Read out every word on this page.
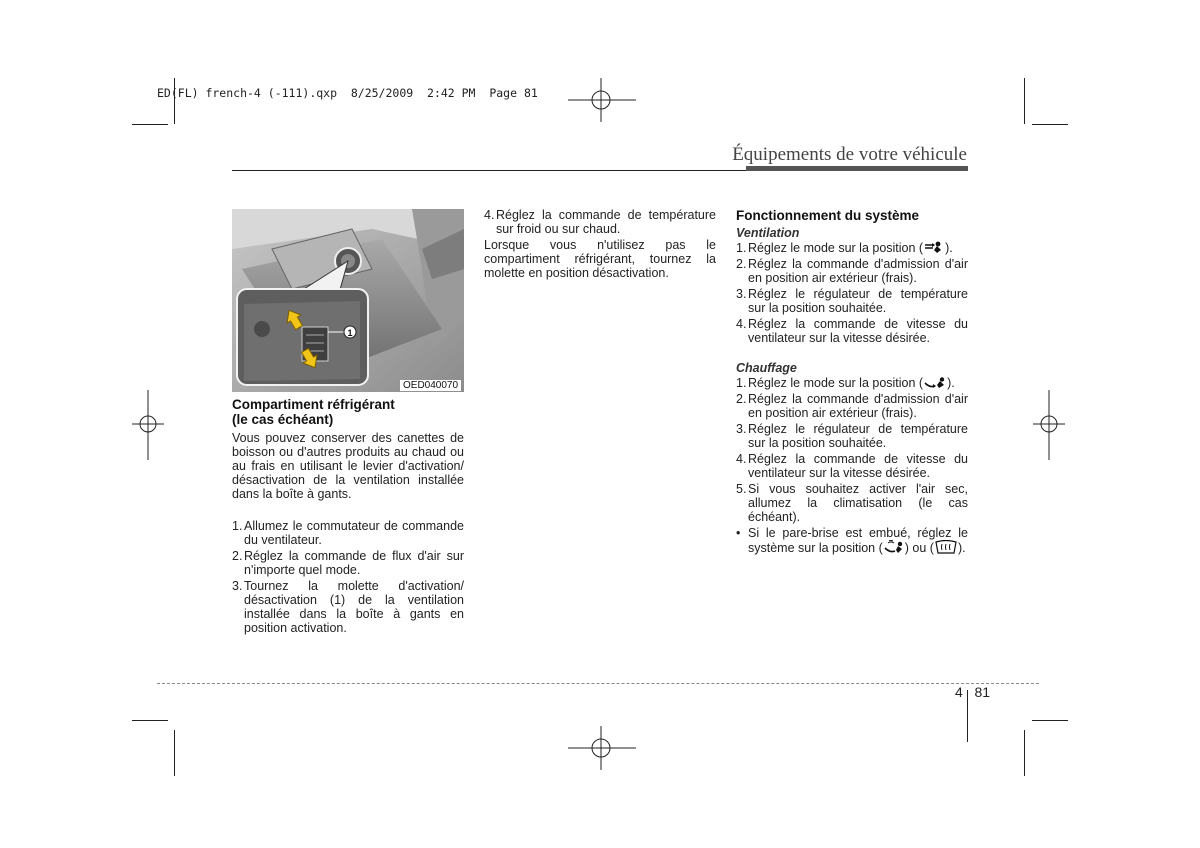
ED(FL) french-4 (-111).qxp  8/25/2009  2:42 PM  Page 81
Équipements de votre véhicule
1
OED040070

Compartiment réfrigérant

(le cas échéant)

Vous pouvez conserver des canettes de boisson ou d'autres produits au chaud ou au frais en utilisant le levier d'activation/ désactivation de la ventilation installée dans la boîte à gants.

1. Allumez le commutateur de commande du ventilateur.
2. Réglez la commande de flux d'air sur n'importe quel mode.
3. Tournez la molette d'activation/ désactivation (1) de la ventilation installée dans la boîte à gants en position activation.
4. Réglez la commande de température sur froid ou sur chaud.

Lorsque vous n'utilisez pas le compartiment réfrigérant, tournez la molette en position désactivation.

Fonctionnement du système

Ventilation

1. Réglez le mode sur la position ( ).
2. Réglez la commande d'admission d'air en position air extérieur (frais).
3. Réglez le régulateur de température sur la position souhaitée.
4. Réglez la commande de vitesse du ventilateur sur la vitesse désirée.

Chauffage

1. Réglez le mode sur la position ( ).
2. Réglez la commande d'admission d'air en position air extérieur (frais).
3. Réglez le régulateur de température sur la position souhaitée.
4. Réglez la commande de vitesse du ventilateur sur la vitesse désirée.
5. Si vous souhaitez activer l'air sec, allumez la climatisation (le cas échéant).
• Si le pare-brise est embué, réglez le système sur la position ( ) ou ( ).
4 81
